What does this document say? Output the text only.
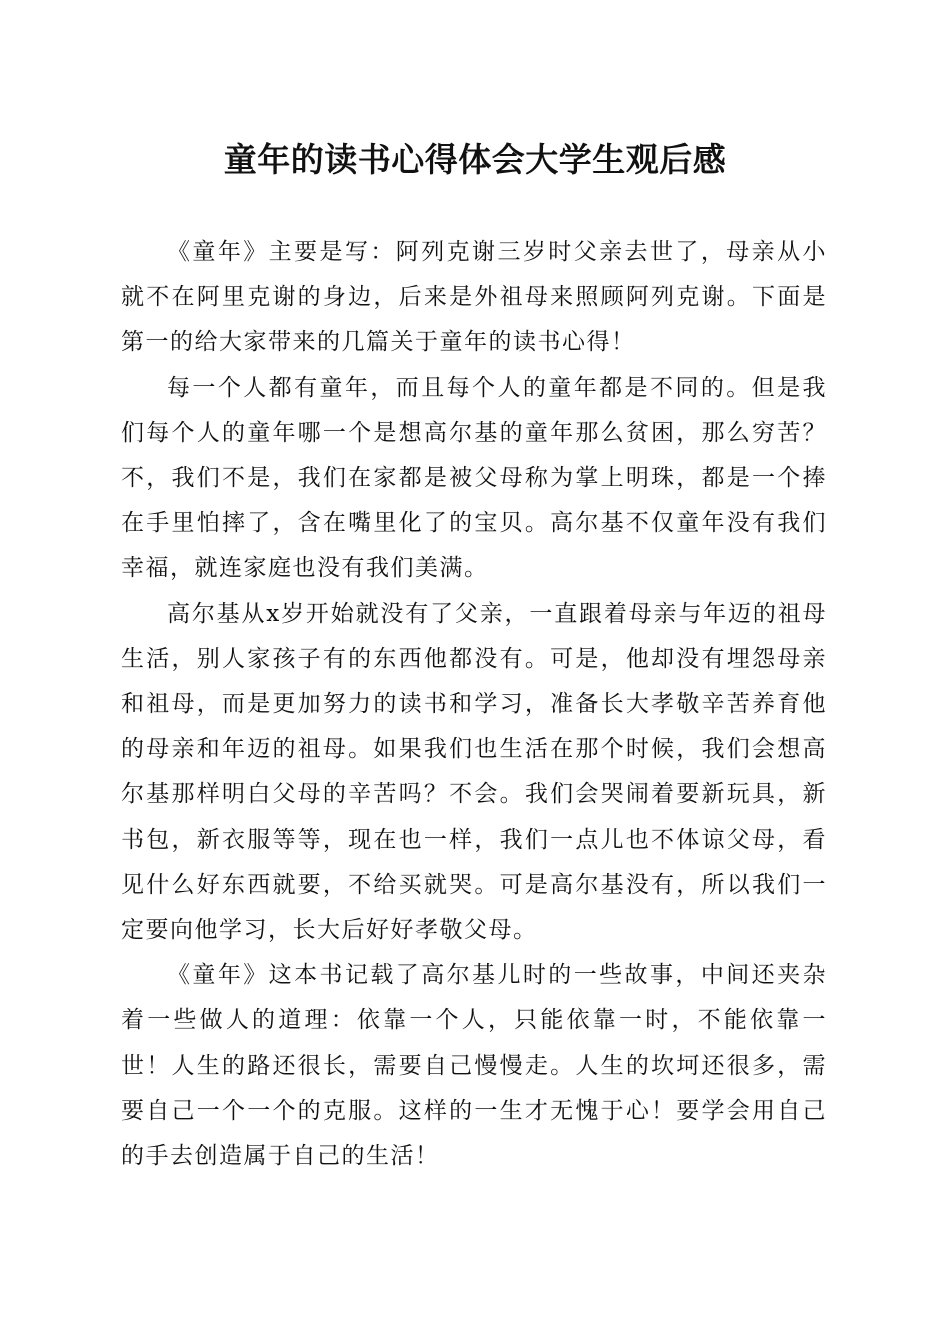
童年的读书心得体会大学生观后感

《童年》主要是写：阿列克谢三岁时父亲去世了，母亲从小就不在阿里克谢的身边，后来是外祖母来照顾阿列克谢。下面是第一的给大家带来的几篇关于童年的读书心得！

每一个人都有童年，而且每个人的童年都是不同的。但是我们每个人的童年哪一个是想高尔基的童年那么贫困，那么穷苦？不，我们不是，我们在家都是被父母称为掌上明珠，都是一个捧在手里怕摔了，含在嘴里化了的宝贝。高尔基不仅童年没有我们幸福，就连家庭也没有我们美满。

高尔基从x岁开始就没有了父亲，一直跟着母亲与年迈的祖母生活，别人家孩子有的东西他都没有。可是，他却没有埋怨母亲和祖母，而是更加努力的读书和学习，准备长大孝敬辛苦养育他的母亲和年迈的祖母。如果我们也生活在那个时候，我们会想高尔基那样明白父母的辛苦吗？不会。我们会哭闹着要新玩具，新书包，新衣服等等，现在也一样，我们一点儿也不体谅父母，看见什么好东西就要，不给买就哭。可是高尔基没有，所以我们一定要向他学习，长大后好好孝敬父母。

《童年》这本书记载了高尔基儿时的一些故事，中间还夹杂着一些做人的道理：依靠一个人，只能依靠一时，不能依靠一世！人生的路还很长，需要自己慢慢走。人生的坎坷还很多，需要自己一个一个的克服。这样的一生才无愧于心！要学会用自己的手去创造属于自己的生活！
